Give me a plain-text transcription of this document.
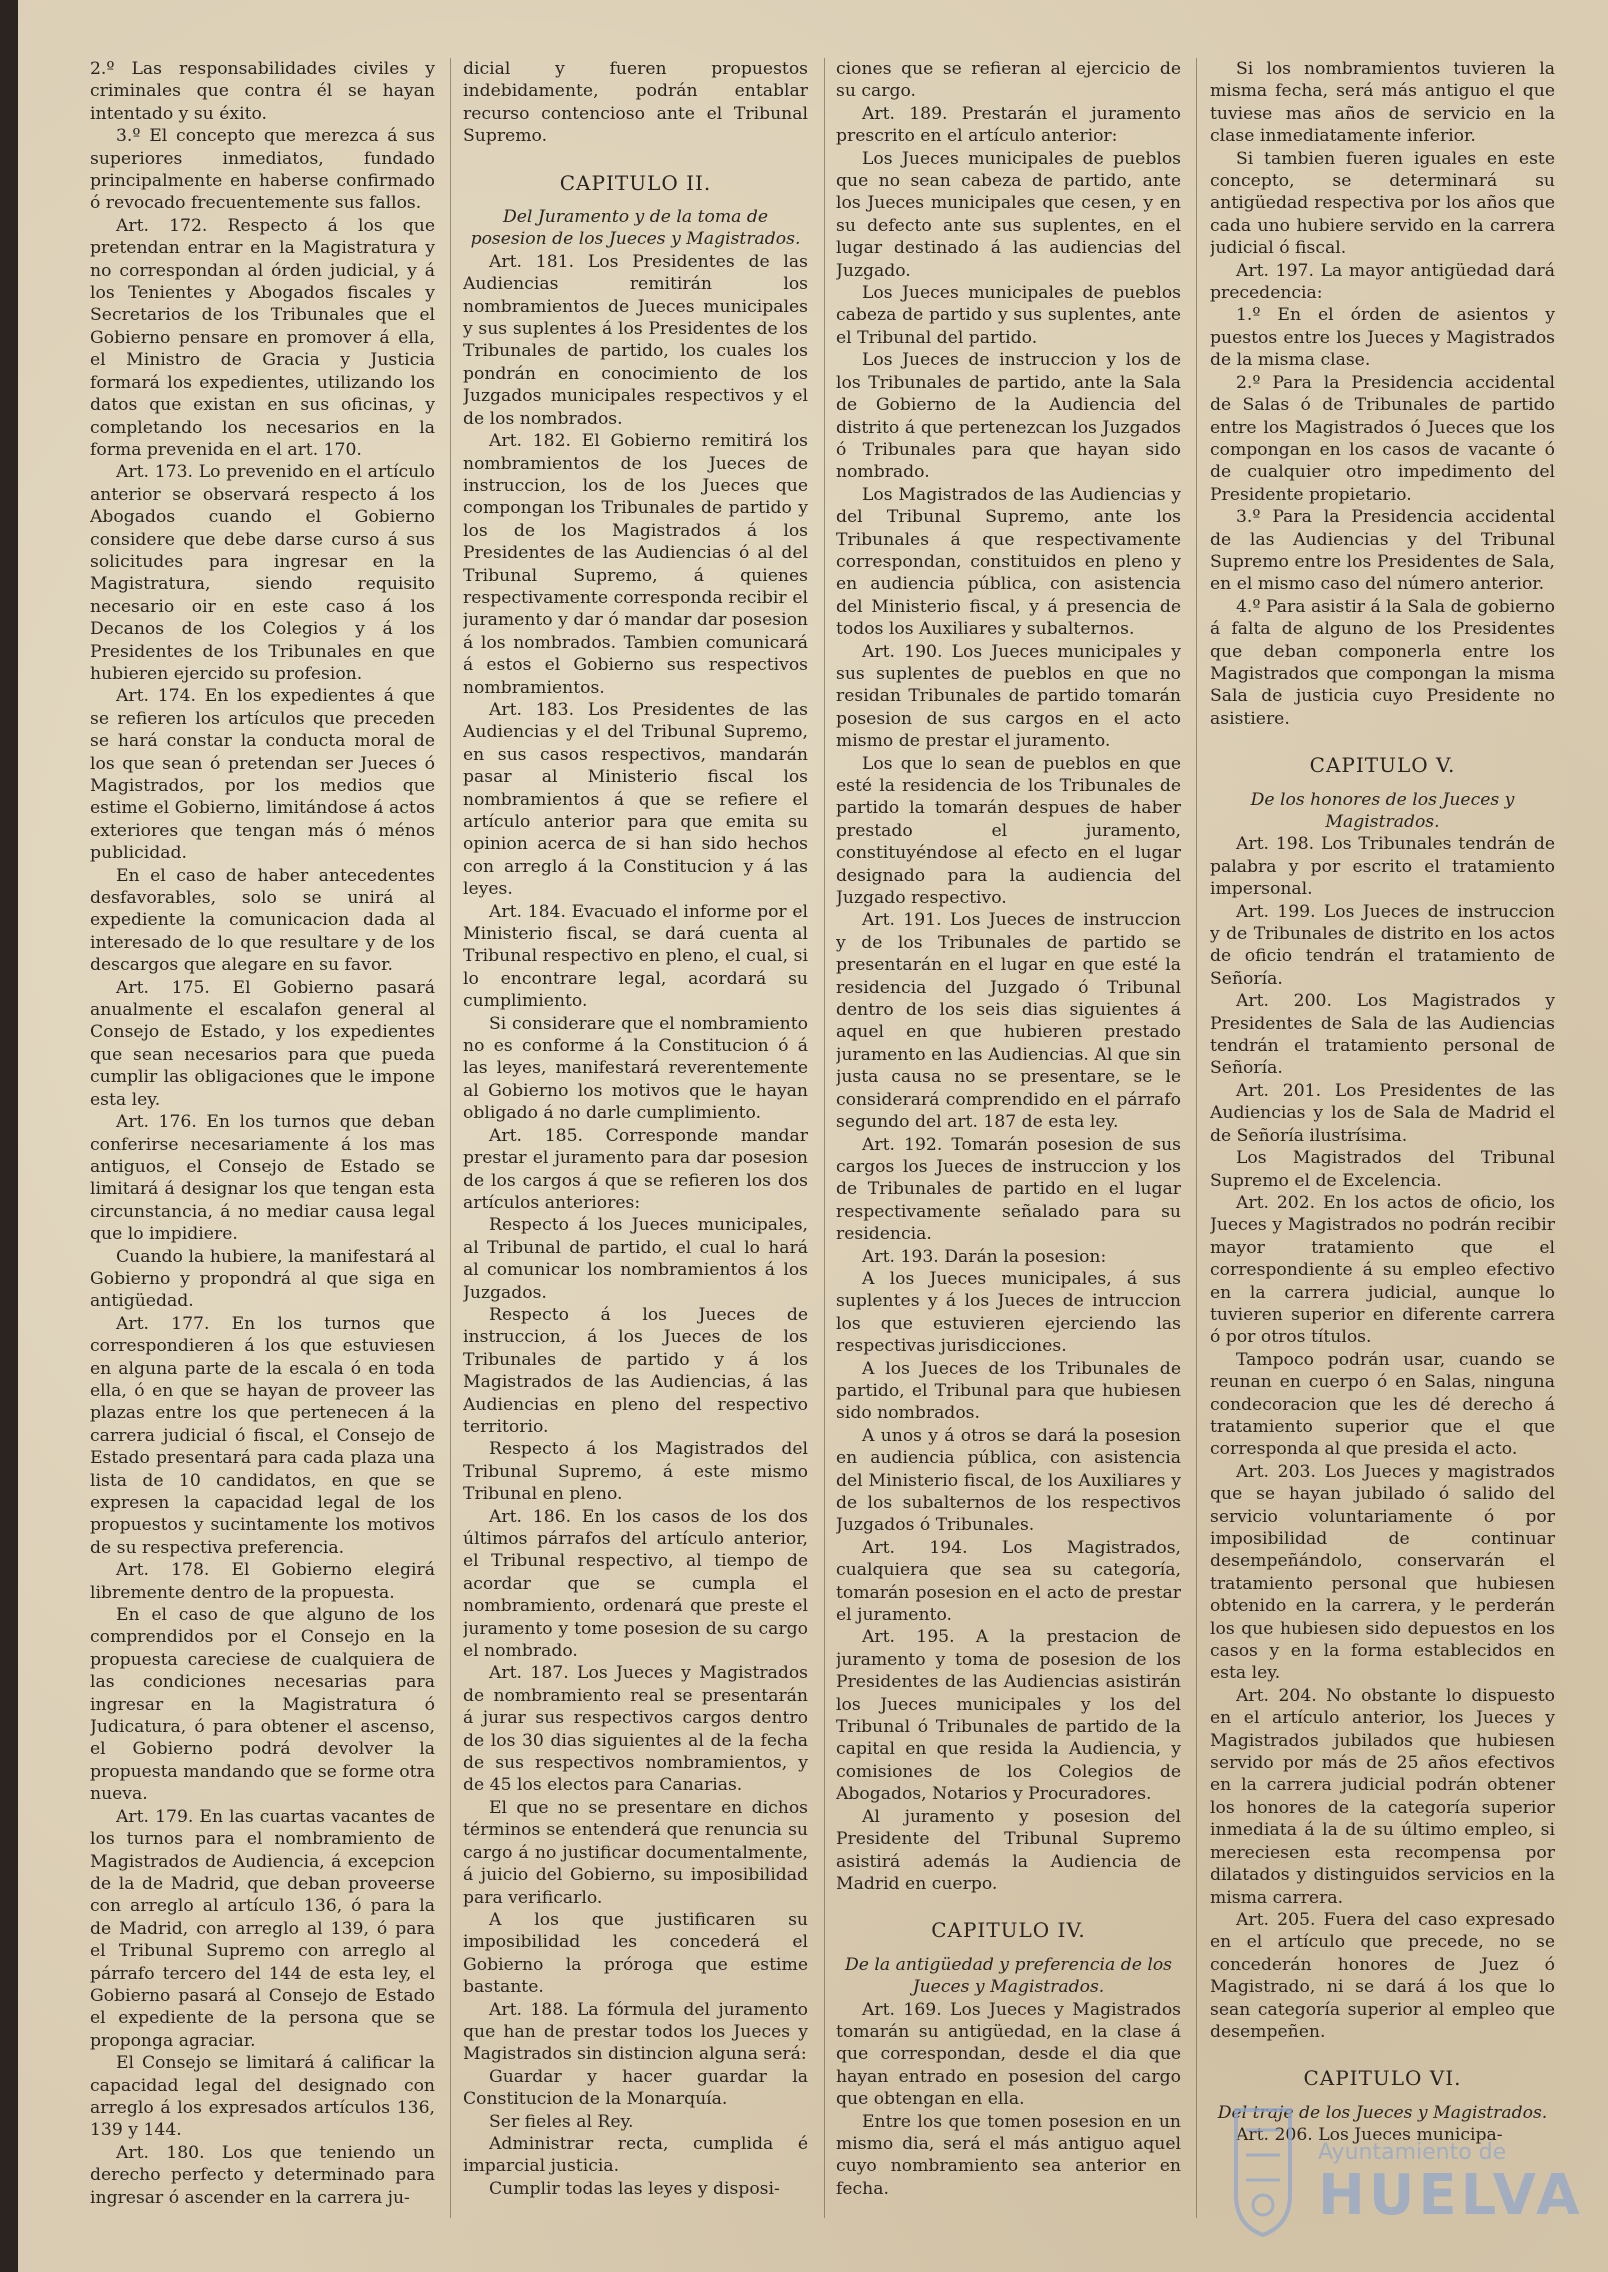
2.º Las responsabilidades civiles y criminales que contra él se hayan intentado y su éxito.

3.º El concepto que merezca á sus superiores inmediatos, fundado principalmente en haberse confirmado ó revocado frecuentemente sus fallos.

Art. 172. Respecto á los que pretendan entrar en la Magistratura y no correspondan al órden judicial, y á los Tenientes y Abogados fiscales y Secretarios de los Tribunales que el Gobierno pensare en promover á ella, el Ministro de Gracia y Justicia formará los expedientes, utilizando los datos que existan en sus oficinas, y completando los necesarios en la forma prevenida en el art. 170.

Art. 173. Lo prevenido en el artículo anterior se observará respecto á los Abogados cuando el Gobierno considere que debe darse curso á sus solicitudes para ingresar en la Magistratura, siendo requisito necesario oir en este caso á los Decanos de los Colegios y á los Presidentes de los Tribunales en que hubieren ejercido su profesion.

Art. 174. En los expedientes á que se refieren los artículos que preceden se hará constar la conducta moral de los que sean ó pretendan ser Jueces ó Magistrados, por los medios que estime el Gobierno, limitándose á actos exteriores que tengan más ó ménos publicidad.

En el caso de haber antecedentes desfavorables, solo se unirá al expediente la comunicacion dada al interesado de lo que resultare y de los descargos que alegare en su favor.

Art. 175. El Gobierno pasará anualmente el escalafon general al Consejo de Estado, y los expedientes que sean necesarios para que pueda cumplir las obligaciones que le impone esta ley.

Art. 176. En los turnos que deban conferirse necesariamente á los mas antiguos, el Consejo de Estado se limitará á designar los que tengan esta circunstancia, á no mediar causa legal que lo impidiere.

Cuando la hubiere, la manifestará al Gobierno y propondrá al que siga en antigüedad.

Art. 177. En los turnos que correspondieren á los que estuviesen en alguna parte de la escala ó en toda ella, ó en que se hayan de proveer las plazas entre los que pertenecen á la carrera judicial ó fiscal, el Consejo de Estado presentará para cada plaza una lista de 10 candidatos, en que se expresen la capacidad legal de los propuestos y sucintamente los motivos de su respectiva preferencia.

Art. 178. El Gobierno elegirá libremente dentro de la propuesta.

En el caso de que alguno de los comprendidos por el Consejo en la propuesta careciese de cualquiera de las condiciones necesarias para ingresar en la Magistratura ó Judicatura, ó para obtener el ascenso, el Gobierno podrá devolver la propuesta mandando que se forme otra nueva.

Art. 179. En las cuartas vacantes de los turnos para el nombramiento de Magistrados de Audiencia, á excepcion de la de Madrid, que deban proveerse con arreglo al artículo 136, ó para la de Madrid, con arreglo al 139, ó para el Tribunal Supremo con arreglo al párrafo tercero del 144 de esta ley, el Gobierno pasará al Consejo de Estado el expediente de la persona que se proponga agraciar.

El Consejo se limitará á calificar la capacidad legal del designado con arreglo á los expresados artículos 136, 139 y 144.

Art. 180. Los que teniendo un derecho perfecto y determinado para ingresar ó ascender en la carrera ju-

dicial y fueren propuestos indebidamente, podrán entablar recurso contencioso ante el Tribunal Supremo.

CAPITULO II.

Del Juramento y de la toma de posesion de los Jueces y Magistrados.

Art. 181. Los Presidentes de las Audiencias remitirán los nombramientos de Jueces municipales y sus suplentes á los Presidentes de los Tribunales de partido, los cuales los pondrán en conocimiento de los Juzgados municipales respectivos y el de los nombrados.

Art. 182. El Gobierno remitirá los nombramientos de los Jueces de instruccion, los de los Jueces que compongan los Tribunales de partido y los de los Magistrados á los Presidentes de las Audiencias ó al del Tribunal Supremo, á quienes respectivamente corresponda recibir el juramento y dar ó mandar dar posesion á los nombrados. Tambien comunicará á estos el Gobierno sus respectivos nombramientos.

Art. 183. Los Presidentes de las Audiencias y el del Tribunal Supremo, en sus casos respectivos, mandarán pasar al Ministerio fiscal los nombramientos á que se refiere el artículo anterior para que emita su opinion acerca de si han sido hechos con arreglo á la Constitucion y á las leyes.

Art. 184. Evacuado el informe por el Ministerio fiscal, se dará cuenta al Tribunal respectivo en pleno, el cual, si lo encontrare legal, acordará su cumplimiento.

Si considerare que el nombramiento no es conforme á la Constitucion ó á las leyes, manifestará reverentemente al Gobierno los motivos que le hayan obligado á no darle cumplimiento.

Art. 185. Corresponde mandar prestar el juramento para dar posesion de los cargos á que se refieren los dos artículos anteriores:

Respecto á los Jueces municipales, al Tribunal de partido, el cual lo hará al comunicar los nombramientos á los Juzgados.

Respecto á los Jueces de instruccion, á los Jueces de los Tribunales de partido y á los Magistrados de las Audiencias, á las Audiencias en pleno del respectivo territorio.

Respecto á los Magistrados del Tribunal Supremo, á este mismo Tribunal en pleno.

Art. 186. En los casos de los dos últimos párrafos del artículo anterior, el Tribunal respectivo, al tiempo de acordar que se cumpla el nombramiento, ordenará que preste el juramento y tome posesion de su cargo el nombrado.

Art. 187. Los Jueces y Magistrados de nombramiento real se presentarán á jurar sus respectivos cargos dentro de los 30 dias siguientes al de la fecha de sus respectivos nombramientos, y de 45 los electos para Canarias.

El que no se presentare en dichos términos se entenderá que renuncia su cargo á no justificar documentalmente, á juicio del Gobierno, su imposibilidad para verificarlo.

A los que justificaren su imposibilidad les concederá el Gobierno la próroga que estime bastante.

Art. 188. La fórmula del juramento que han de prestar todos los Jueces y Magistrados sin distincion alguna será:

Guardar y hacer guardar la Constitucion de la Monarquía.

Ser fieles al Rey.

Administrar recta, cumplida é imparcial justicia.

Cumplir todas las leyes y disposi-

ciones que se refieran al ejercicio de su cargo.

Art. 189. Prestarán el juramento prescrito en el artículo anterior:

Los Jueces municipales de pueblos que no sean cabeza de partido, ante los Jueces municipales que cesen, y en su defecto ante sus suplentes, en el lugar destinado á las audiencias del Juzgado.

Los Jueces municipales de pueblos cabeza de partido y sus suplentes, ante el Tribunal del partido.

Los Jueces de instruccion y los de los Tribunales de partido, ante la Sala de Gobierno de la Audiencia del distrito á que pertenezcan los Juzgados ó Tribunales para que hayan sido nombrado.

Los Magistrados de las Audiencias y del Tribunal Supremo, ante los Tribunales á que respectivamente correspondan, constituidos en pleno y en audiencia pública, con asistencia del Ministerio fiscal, y á presencia de todos los Auxiliares y subalternos.

Art. 190. Los Jueces municipales y sus suplentes de pueblos en que no residan Tribunales de partido tomarán posesion de sus cargos en el acto mismo de prestar el juramento.

Los que lo sean de pueblos en que esté la residencia de los Tribunales de partido la tomarán despues de haber prestado el juramento, constituyéndose al efecto en el lugar designado para la audiencia del Juzgado respectivo.

Art. 191. Los Jueces de instruccion y de los Tribunales de partido se presentarán en el lugar en que esté la residencia del Juzgado ó Tribunal dentro de los seis dias siguientes á aquel en que hubieren prestado juramento en las Audiencias. Al que sin justa causa no se presentare, se le considerará comprendido en el párrafo segundo del art. 187 de esta ley.

Art. 192. Tomarán posesion de sus cargos los Jueces de instruccion y los de Tribunales de partido en el lugar respectivamente señalado para su residencia.

Art. 193. Darán la posesion:

A los Jueces municipales, á sus suplentes y á los Jueces de intruccion los que estuvieren ejerciendo las respectivas jurisdicciones.

A los Jueces de los Tribunales de partido, el Tribunal para que hubiesen sido nombrados.

A unos y á otros se dará la posesion en audiencia pública, con asistencia del Ministerio fiscal, de los Auxiliares y de los subalternos de los respectivos Juzgados ó Tribunales.

Art. 194. Los Magistrados, cualquiera que sea su categoría, tomarán posesion en el acto de prestar el juramento.

Art. 195. A la prestacion de juramento y toma de posesion de los Presidentes de las Audiencias asistirán los Jueces municipales y los del Tribunal ó Tribunales de partido de la capital en que resida la Audiencia, y comisiones de los Colegios de Abogados, Notarios y Procuradores.

Al juramento y posesion del Presidente del Tribunal Supremo asistirá además la Audiencia de Madrid en cuerpo.

CAPITULO IV.

De la antigüedad y preferencia de los Jueces y Magistrados.

Art. 169. Los Jueces y Magistrados tomarán su antigüedad, en la clase á que correspondan, desde el dia que hayan entrado en posesion del cargo que obtengan en ella.

Entre los que tomen posesion en un mismo dia, será el más antiguo aquel cuyo nombramiento sea anterior en fecha.

Si los nombramientos tuvieren la misma fecha, será más antiguo el que tuviese mas años de servicio en la clase inmediatamente inferior.

Si tambien fueren iguales en este concepto, se determinará su antigüedad respectiva por los años que cada uno hubiere servido en la carrera judicial ó fiscal.

Art. 197. La mayor antigüedad dará precedencia:

1.º En el órden de asientos y puestos entre los Jueces y Magistrados de la misma clase.

2.º Para la Presidencia accidental de Salas ó de Tribunales de partido entre los Magistrados ó Jueces que los compongan en los casos de vacante ó de cualquier otro impedimento del Presidente propietario.

3.º Para la Presidencia accidental de las Audiencias y del Tribunal Supremo entre los Presidentes de Sala, en el mismo caso del número anterior.

4.º Para asistir á la Sala de gobierno á falta de alguno de los Presidentes que deban componerla entre los Magistrados que compongan la misma Sala de justicia cuyo Presidente no asistiere.

CAPITULO V.

De los honores de los Jueces y Magistrados.

Art. 198. Los Tribunales tendrán de palabra y por escrito el tratamiento impersonal.

Art. 199. Los Jueces de instruccion y de Tribunales de distrito en los actos de oficio tendrán el tratamiento de Señoría.

Art. 200. Los Magistrados y Presidentes de Sala de las Audiencias tendrán el tratamiento personal de Señoría.

Art. 201. Los Presidentes de las Audiencias y los de Sala de Madrid el de Señoría ilustrísima.

Los Magistrados del Tribunal Supremo el de Excelencia.

Art. 202. En los actos de oficio, los Jueces y Magistrados no podrán recibir mayor tratamiento que el correspondiente á su empleo efectivo en la carrera judicial, aunque lo tuvieren superior en diferente carrera ó por otros títulos.

Tampoco podrán usar, cuando se reunan en cuerpo ó en Salas, ninguna condecoracion que les dé derecho á tratamiento superior que el que corresponda al que presida el acto.

Art. 203. Los Jueces y magistrados que se hayan jubilado ó salido del servicio voluntariamente ó por imposibilidad de continuar desempeñándolo, conservarán el tratamiento personal que hubiesen obtenido en la carrera, y le perderán los que hubiesen sido depuestos en los casos y en la forma establecidos en esta ley.

Art. 204. No obstante lo dispuesto en el artículo anterior, los Jueces y Magistrados jubilados que hubiesen servido por más de 25 años efectivos en la carrera judicial podrán obtener los honores de la categoría superior inmediata á la de su último empleo, si mereciesen esta recompensa por dilatados y distinguidos servicios en la misma carrera.

Art. 205. Fuera del caso expresado en el artículo que precede, no se concederán honores de Juez ó Magistrado, ni se dará á los que lo sean categoría superior al empleo que desempeñen.

CAPITULO VI.

Del traje de los Jueces y Magistrados.

Art. 206. Los Jueces municipa-

Ayuntamiento de
HUELVA
